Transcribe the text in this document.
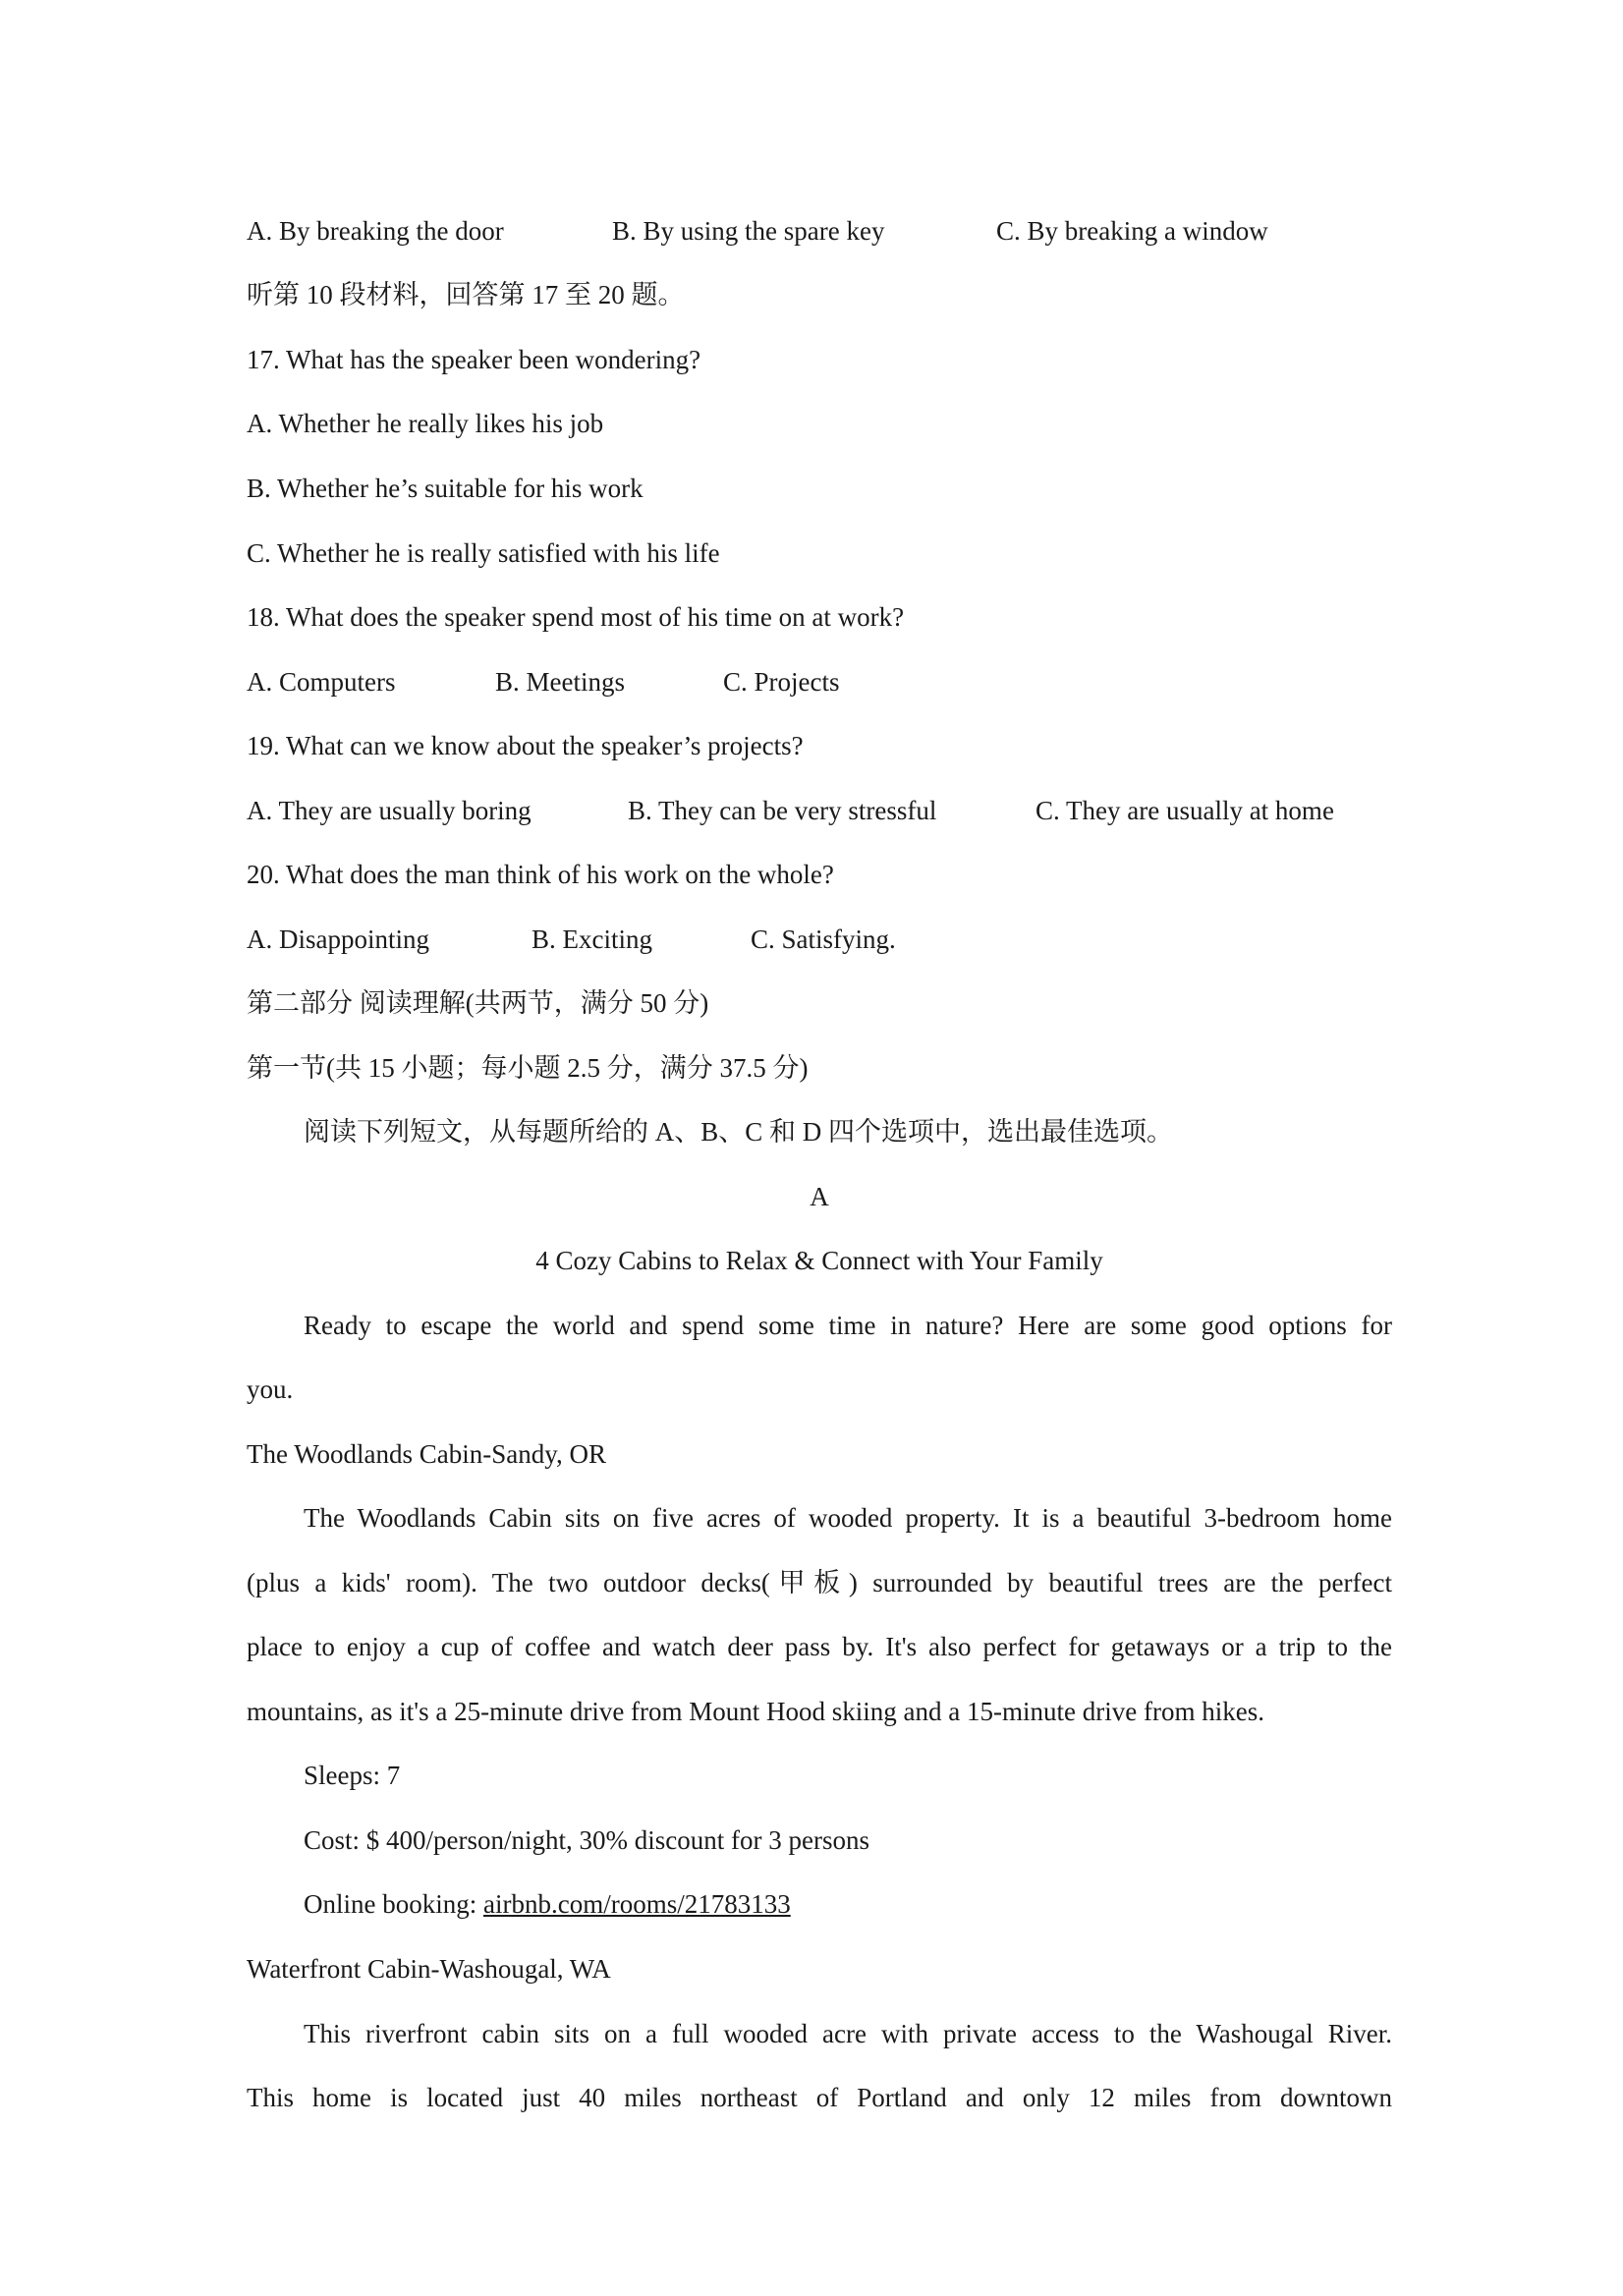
A. By breaking the door	B. By using the spare key	C. By breaking a window
听第 10 段材料，回答第 17 至 20 题。
17. What has the speaker been wondering?
A. Whether he really likes his job
B. Whether he’s suitable for his work
C. Whether he is really satisfied with his life
18. What does the speaker spend most of his time on at work?
A. Computers	B. Meetings	C. Projects
19. What can we know about the speaker’s projects?
A. They are usually boring	B. They can be very stressful	C. They are usually at home
20. What does the man think of his work on the whole?
A. Disappointing	B. Exciting	C. Satisfying.
第二部分 阅读理解(共两节，满分 50 分)
第一节(共 15 小题；每小题 2.5 分，满分 37.5 分)
阅读下列短文，从每题所给的 A、B、C 和 D 四个选项中，选出最佳选项。
A
4 Cozy Cabins to Relax & Connect with Your Family
Ready to escape the world and spend some time in nature? Here are some good options for
you.
The Woodlands Cabin-Sandy, OR
The Woodlands Cabin sits on five acres of wooded property. It is a beautiful 3-bedroom home
(plus a kids' room). The two outdoor decks(甲板) surrounded by beautiful trees are the perfect
place to enjoy a cup of coffee and watch deer pass by. It's also perfect for getaways or a trip to the
mountains, as it's a 25-minute drive from Mount Hood skiing and a 15-minute drive from hikes.
Sleeps: 7
Cost: $ 400/person/night, 30% discount for 3 persons
Online booking: airbnb.com/rooms/21783133
Waterfront Cabin-Washougal, WA
This riverfront cabin sits on a full wooded acre with private access to the Washougal River.
This home is located just 40 miles northeast of Portland and only 12 miles from downtown
